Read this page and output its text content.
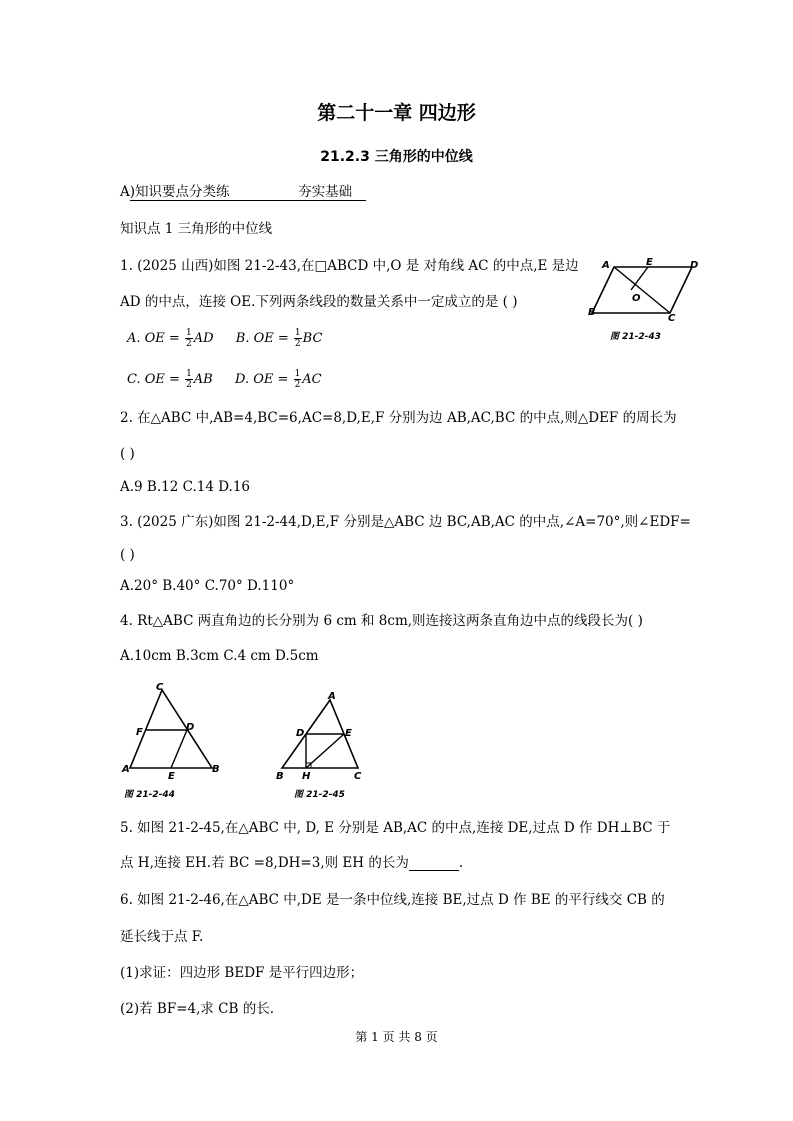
第二十一章 四边形
21.2.3 三角形的中位线
A)知识要点分类练	夯实基础
知识点 1 三角形的中位线
1. (2025 山西)如图 21-2-43,在□ABCD 中,O 是 对角线 AC 的中点,E 是边
AD 的中点，连接 OE.下列两条线段的数量关系中一定成立的是 ( )
A. OE = $\frac{1}{2}$ AD B. OE = $\frac{1}{2}$ BC
C. OE = $\frac{1}{2}$ AB D. OE = $\frac{1}{2}$ AC
A	E	D
O
B
C
图 21-2-43
2. 在△ABC 中,AB=4,BC=6,AC=8,D,E,F 分别为边 AB,AC,BC 的中点,则△DEF 的周长为
( )
A.9 B.12 C.14 D.16
3. (2025 广东)如图 21-2-44,D,E,F 分别是△ABC 边 BC,AB,AC 的中点,∠A=70°,则∠EDF=
( )
A.20° B.40° C.70° D.110°
4. Rt△ABC 两直角边的长分别为 6 cm 和 8cm,则连接这两条直角边中点的线段长为( )
A.10cm B.3cm C.4 cm D.5cm
C
F	D
A
E
B
图 21-2-44
A
D	E
B H	C
图 21-2-45
5. 如图 21-2-45,在△ABC 中, D, E 分别是 AB,AC 的中点,连接 DE,过点 D 作 DH⊥BC 于
点 H,连接 EH.若 BC =8,DH=3,则 EH 的长为	.
6. 如图 21-2-46,在△ABC 中,DE 是一条中位线,连接 BE,过点 D 作 BE 的平行线交 CB 的
延长线于点 F.
(1)求证：四边形 BEDF 是平行四边形；
(2)若 BF=4,求 CB 的长.
第 1 页 共 8 页
